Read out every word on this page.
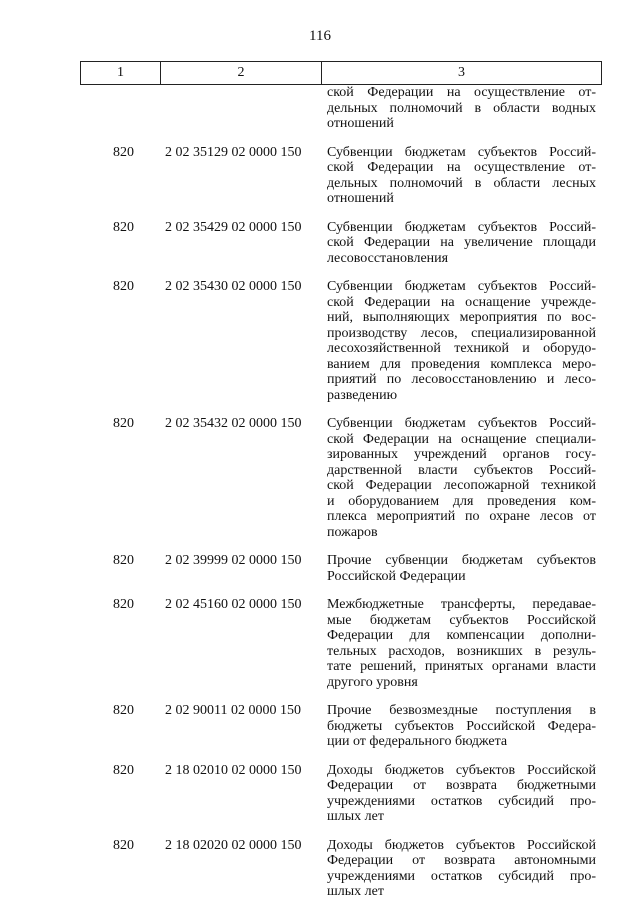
116
1	2	3
ской Федерации на осуществление от-
дельных полномочий в области водных
отношений
820	2 02 35129 02 0000 150	Субвенции бюджетам субъектов Россий-
ской Федерации на осуществление от-
дельных полномочий в области лесных
отношений
820	2 02 35429 02 0000 150	Субвенции бюджетам субъектов Россий-
ской Федерации на увеличение площади
лесовосстановления
820	2 02 35430 02 0000 150	Субвенции бюджетам субъектов Россий-
ской Федерации на оснащение учрежде-
ний, выполняющих мероприятия по вос-
производству лесов, специализированной
лесохозяйственной техникой и оборудо-
ванием для проведения комплекса меро-
приятий по лесовосстановлению и лесо-
разведению
820	2 02 35432 02 0000 150	Субвенции бюджетам субъектов Россий-
ской Федерации на оснащение специали-
зированных учреждений органов госу-
дарственной власти субъектов Россий-
ской Федерации лесопожарной техникой
и оборудованием для проведения ком-
плекса мероприятий по охране лесов от
пожаров
820	2 02 39999 02 0000 150	Прочие субвенции бюджетам субъектов
Российской Федерации
820	2 02 45160 02 0000 150	Межбюджетные трансферты, передавае-
мые бюджетам субъектов Российской
Федерации для компенсации дополни-
тельных расходов, возникших в резуль-
тате решений, принятых органами власти
другого уровня
820	2 02 90011 02 0000 150	Прочие безвозмездные поступления в
бюджеты субъектов Российской Федера-
ции от федерального бюджета
820	2 18 02010 02 0000 150	Доходы бюджетов субъектов Российской
Федерации от возврата бюджетными
учреждениями остатков субсидий про-
шлых лет
820	2 18 02020 02 0000 150	Доходы бюджетов субъектов Российской
Федерации от возврата автономными
учреждениями остатков субсидий про-
шлых лет
